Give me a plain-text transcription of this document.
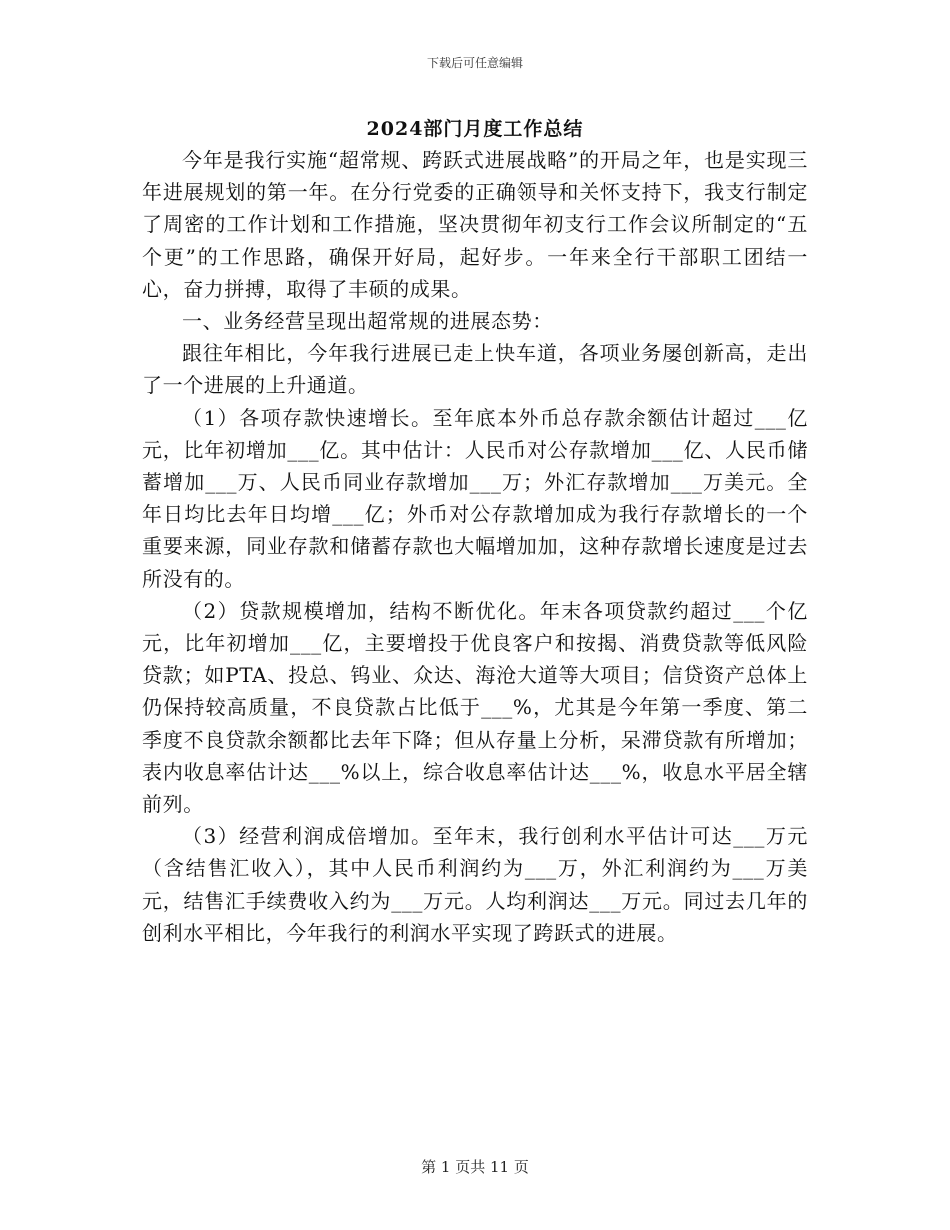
下载后可任意编辑
2024部门月度工作总结

今年是我行实施“超常规、跨跃式进展战略”的开局之年，也是实现三年进展规划的第一年。在分行党委的正确领导和关怀支持下，我支行制定了周密的工作计划和工作措施，坚决贯彻年初支行工作会议所制定的“五个更”的工作思路，确保开好局，起好步。一年来全行干部职工团结一心，奋力拼搏，取得了丰硕的成果。

一、业务经营呈现出超常规的进展态势：

跟往年相比，今年我行进展已走上快车道，各项业务屡创新高，走出了一个进展的上升通道。

（1）各项存款快速增长。至年底本外币总存款余额估计超过___亿元，比年初增加___亿。其中估计：人民币对公存款增加___亿、人民币储蓄增加___万、人民币同业存款增加___万；外汇存款增加___万美元。全年日均比去年日均增___亿；外币对公存款增加成为我行存款增长的一个重要来源，同业存款和储蓄存款也大幅增加加，这种存款增长速度是过去所没有的。

（2）贷款规模增加，结构不断优化。年末各项贷款约超过___个亿元，比年初增加___亿，主要增投于优良客户和按揭、消费贷款等低风险贷款；如PTA、投总、钨业、众达、海沧大道等大项目；信贷资产总体上仍保持较高质量，不良贷款占比低于___%，尤其是今年第一季度、第二季度不良贷款余额都比去年下降；但从存量上分析，呆滞贷款有所增加；表内收息率估计达___%以上，综合收息率估计达___%，收息水平居全辖前列。

（3）经营利润成倍增加。至年末，我行创利水平估计可达___万元（含结售汇收入），其中人民币利润约为___万，外汇利润约为___万美元，结售汇手续费收入约为___万元。人均利润达___万元。同过去几年的创利水平相比，今年我行的利润水平实现了跨跃式的进展。

第 1 页共 11 页
